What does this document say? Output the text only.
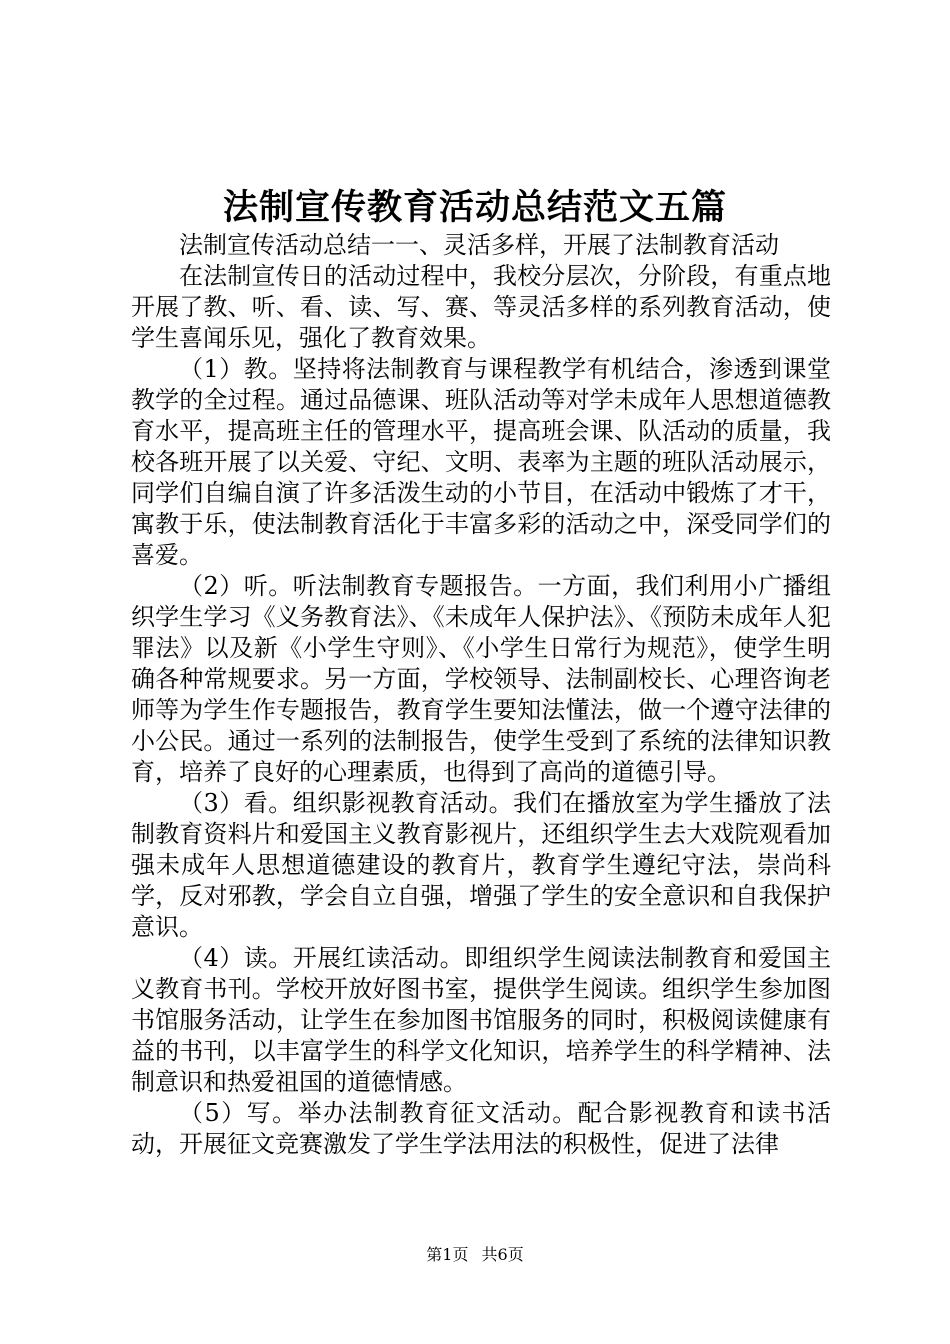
法制宣传教育活动总结范文五篇

法制宣传活动总结一一、灵活多样，开展了法制教育活动

在法制宣传日的活动过程中，我校分层次，分阶段，有重点地开展了教、听、看、读、写、赛、等灵活多样的系列教育活动，使学生喜闻乐见，强化了教育效果。

（1）教。坚持将法制教育与课程教学有机结合，渗透到课堂教学的全过程。通过品德课、班队活动等对学未成年人思想道德教育水平，提高班主任的管理水平，提高班会课、队活动的质量，我校各班开展了以关爱、守纪、文明、表率为主题的班队活动展示，同学们自编自演了许多活泼生动的小节目，在活动中锻炼了才干，寓教于乐，使法制教育活化于丰富多彩的活动之中，深受同学们的喜爱。

（2）听。听法制教育专题报告。一方面，我们利用小广播组织学生学习《义务教育法》、《未成年人保护法》、《预防未成年人犯罪法》以及新《小学生守则》、《小学生日常行为规范》，使学生明确各种常规要求。另一方面，学校领导、法制副校长、心理咨询老师等为学生作专题报告，教育学生要知法懂法，做一个遵守法律的小公民。通过一系列的法制报告，使学生受到了系统的法律知识教育，培养了良好的心理素质，也得到了高尚的道德引导。

（3）看。组织影视教育活动。我们在播放室为学生播放了法制教育资料片和爱国主义教育影视片，还组织学生去大戏院观看加强未成年人思想道德建设的教育片，教育学生遵纪守法，崇尚科学，反对邪教，学会自立自强，增强了学生的安全意识和自我保护意识。

（4）读。开展红读活动。即组织学生阅读法制教育和爱国主义教育书刊。学校开放好图书室，提供学生阅读。组织学生参加图书馆服务活动，让学生在参加图书馆服务的同时，积极阅读健康有益的书刊，以丰富学生的科学文化知识，培养学生的科学精神、法制意识和热爱祖国的道德情感。

（5）写。举办法制教育征文活动。配合影视教育和读书活动，开展征文竞赛激发了学生学法用法的积极性，促进了法律

第1页 共6页
